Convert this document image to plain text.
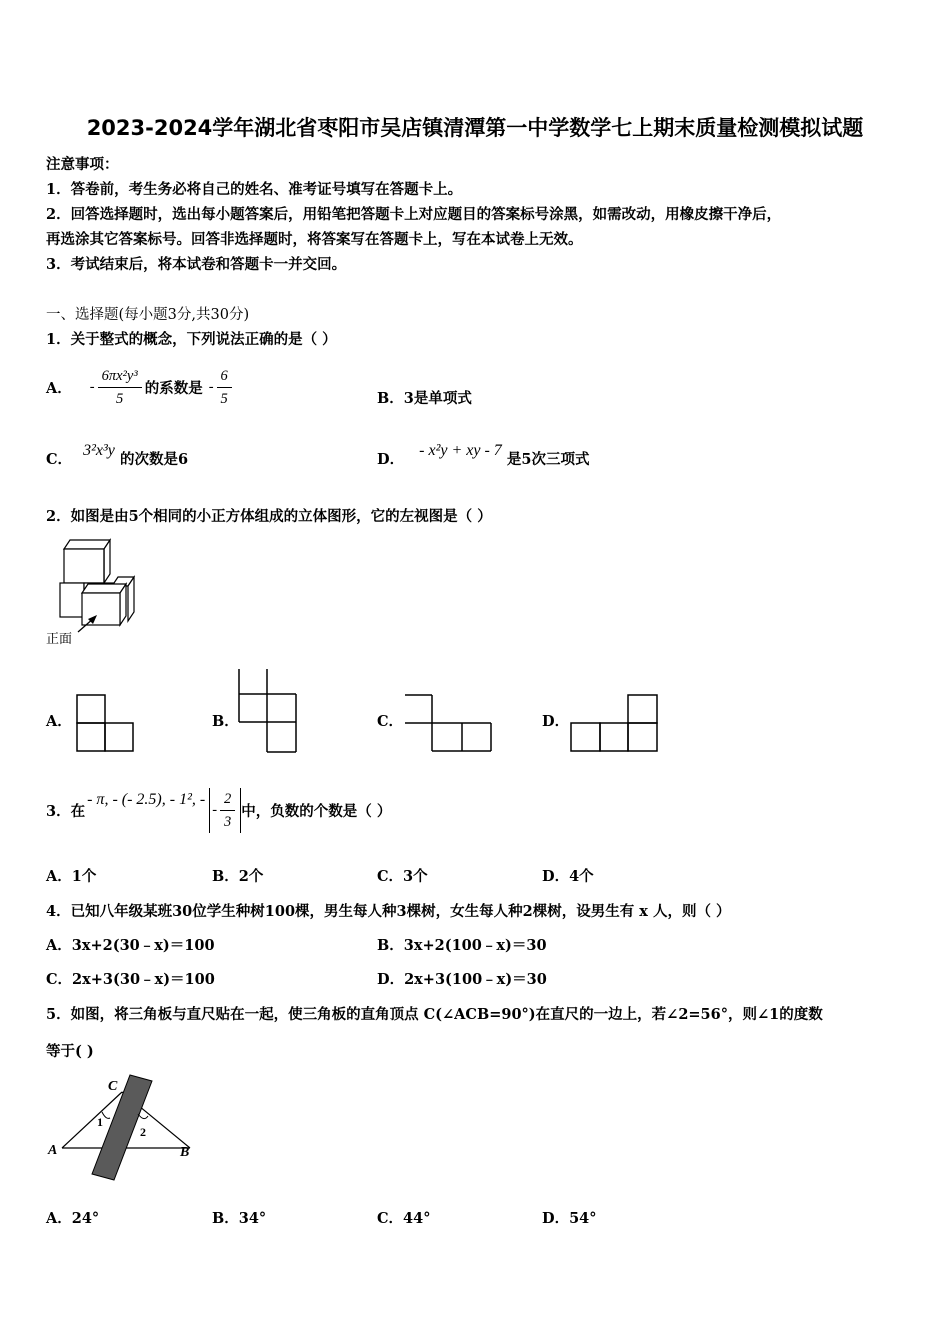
2023-2024学年湖北省枣阳市吴店镇清潭第一中学数学七上期末质量检测模拟试题
注意事项：
1．答卷前，考生务必将自己的姓名、准考证号填写在答题卡上。
2．回答选择题时，选出每小题答案后，用铅笔把答题卡上对应题目的答案标号涂黑，如需改动，用橡皮擦干净后，
再选涂其它答案标号。回答非选择题时，将答案写在答题卡上，写在本试卷上无效。
3．考试结束后，将本试卷和答题卡一并交回。
一、选择题(每小题3分,共30分)
1．关于整式的概念，下列说法正确的是（ ）
A． - $\frac{\text{6πx²y³}}{5}$ 的系数是 - $\frac{6}{5}$	B．3是单项式
C． 3²x³y 的次数是6	D． - x²y + xy - 7 是5次三项式
2．如图是由5个相同的小正方体组成的立体图形，它的左视图是（ ）
正面
A．	B．	C．	D．
3．在
- π, - (- 2.5), - 1², -
- $\frac{2}{3}$ 中，负数的个数是（ ）
A．1个	B．2个	C．3个	D．4个
4．已知八年级某班30位学生种树100棵，男生每人种3棵树，女生每人种2棵树，设男生有 x 人，则（ ）
A．3x+2(30﹣x)＝100	B．3x+2(100﹣x)＝30
C．2x+3(30﹣x)＝100	D．2x+3(100﹣x)＝30
5．如图，将三角板与直尺贴在一起，使三角板的直角顶点 C(∠ACB=90°)在直尺的一边上，若∠2=56°，则∠1的度数
等于( )
A	B
C
1
2
A．24°	B．34°	C．44°	D．54°
